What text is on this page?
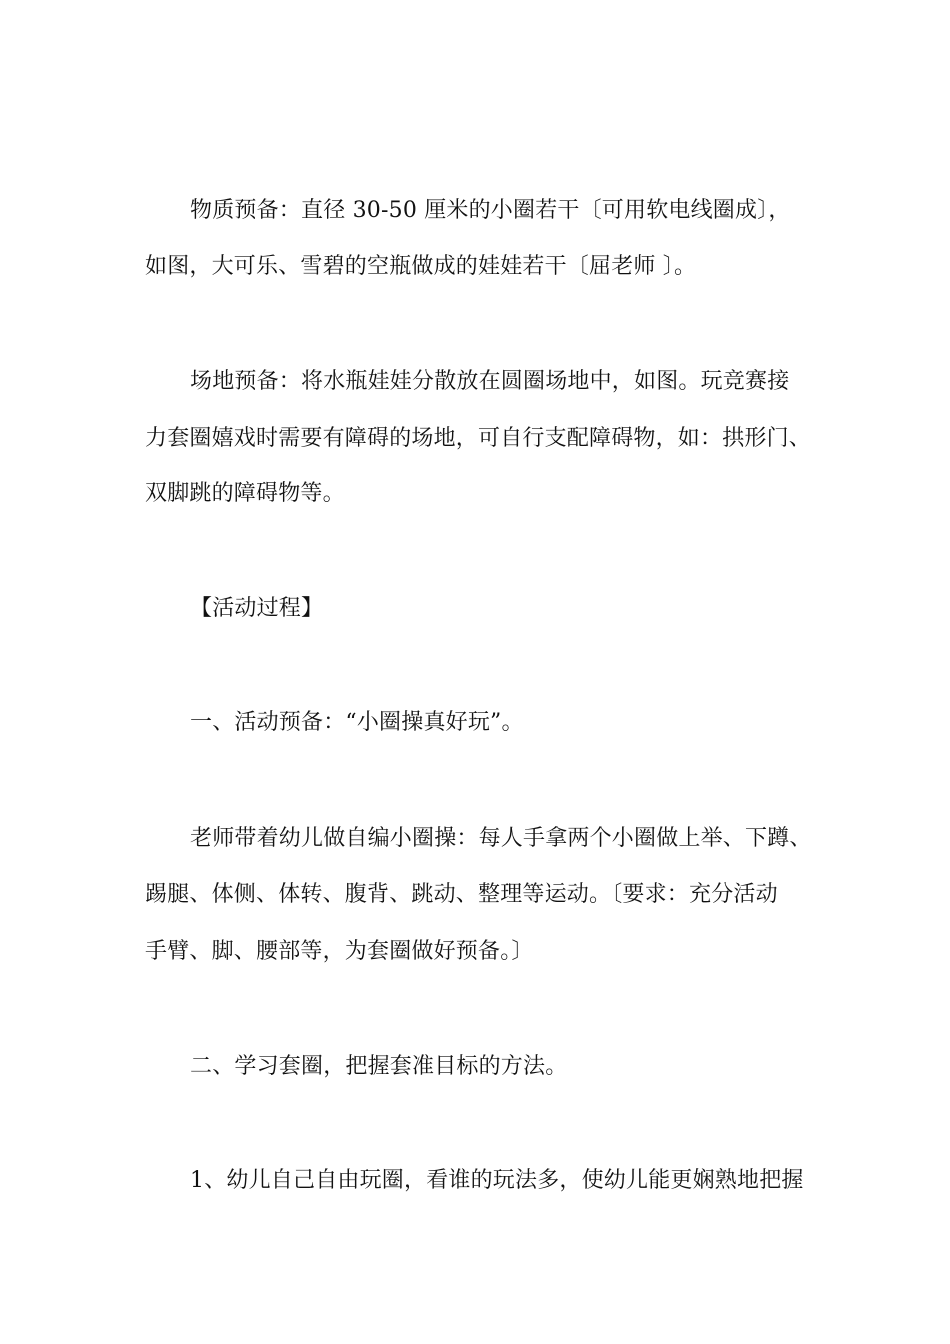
物质预备：直径 30-50 厘米的小圈若干〔可用软电线圈成〕，
如图，大可乐、雪碧的空瓶做成的娃娃若干〔屈老师 〕。
场地预备：将水瓶娃娃分散放在圆圈场地中，如图。玩竞赛接
力套圈嬉戏时需要有障碍的场地，可自行支配障碍物，如：拱形门、
双脚跳的障碍物等。
【活动过程】
一、活动预备：“小圈操真好玩”。
老师带着幼儿做自编小圈操：每人手拿两个小圈做上举、下蹲、
踢腿、体侧、体转、腹背、跳动、整理等运动。〔要求：充分活动
手臂、脚、腰部等，为套圈做好预备。〕
二、学习套圈，把握套准目标的方法。
1、幼儿自己自由玩圈，看谁的玩法多，使幼儿能更娴熟地把握
